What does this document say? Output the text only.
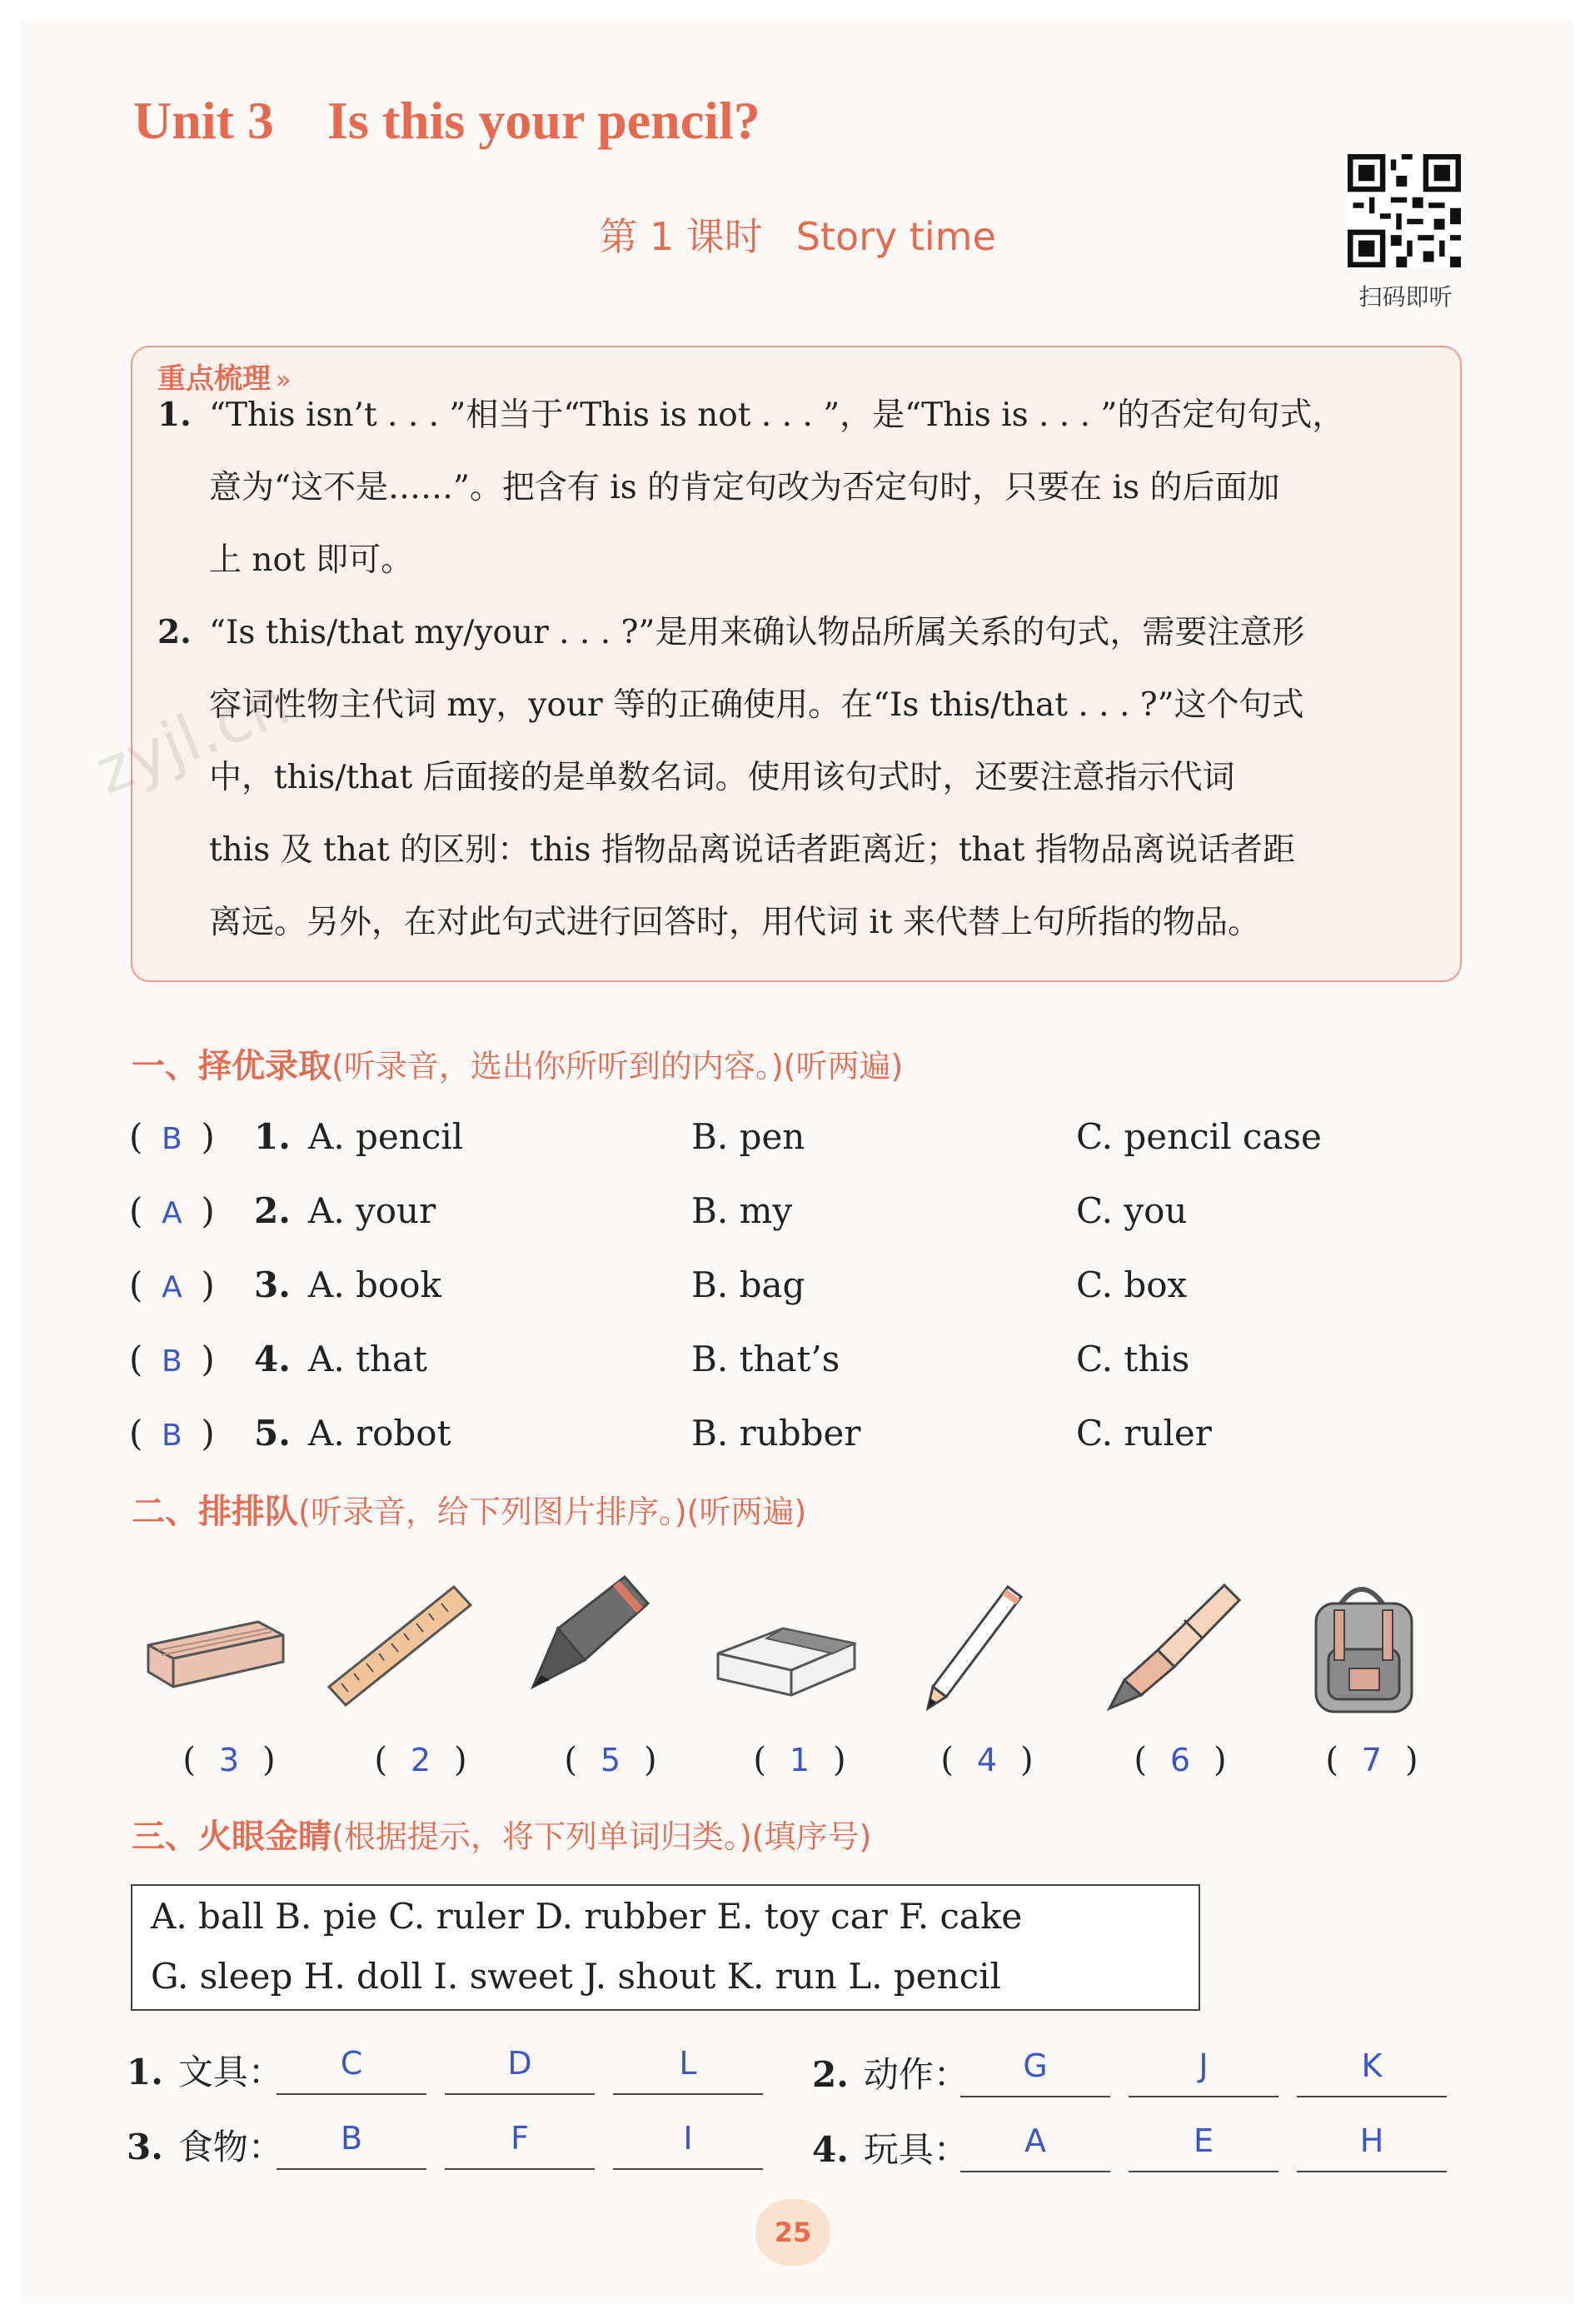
Unit 3    Is this your pencil?
第 1 课时 Story time
扫码即听
重点梳理 »
1. “This isn’t . . . ”相当于“This is not . . . ”，是“This is . . . ”的否定句句式，
意为“这不是……”。把含有 is 的肯定句改为否定句时，只要在 is 的后面加
上 not 即可。
2. “Is this/that my/your . . . ?”是用来确认物品所属关系的句式，需要注意形
容词性物主代词 my，your 等的正确使用。在“Is this/that . . . ?”这个句式
中，this/that 后面接的是单数名词。使用该句式时，还要注意指示代词
this 及 that 的区别：this 指物品离说话者距离近；that 指物品离说话者距
离远。另外，在对此句式进行回答时，用代词 it 来代替上句所指的物品。
zyjl.cn
一、择优录取(听录音，选出你所听到的内容。)(听两遍)
( B ) 1. A. pencil	B. pen	C. pencil case
( A ) 2. A. your	B. my	C. you
( A ) 3. A. book	B. bag	C. box
( B ) 4. A. that	B. that’s	C. this
( B ) 5. A. robot	B. rubber	C. ruler
二、排排队(听录音，给下列图片排序。)(听两遍)
( 3 )	( 2 )	( 5 )	( 1 )	( 4 )	( 6 )	( 7 )
三、火眼金睛(根据提示，将下列单词归类。)(填序号)
A. ball B. pie C. ruler D. rubber E. toy car F. cake
G. sleep H. doll I. sweet J. shout K. run L. pencil
1. 文具：	C	D	L	2. 动作：	G	J	K
3. 食物：	B	F	I	4. 玩具：	A	E	H
25
